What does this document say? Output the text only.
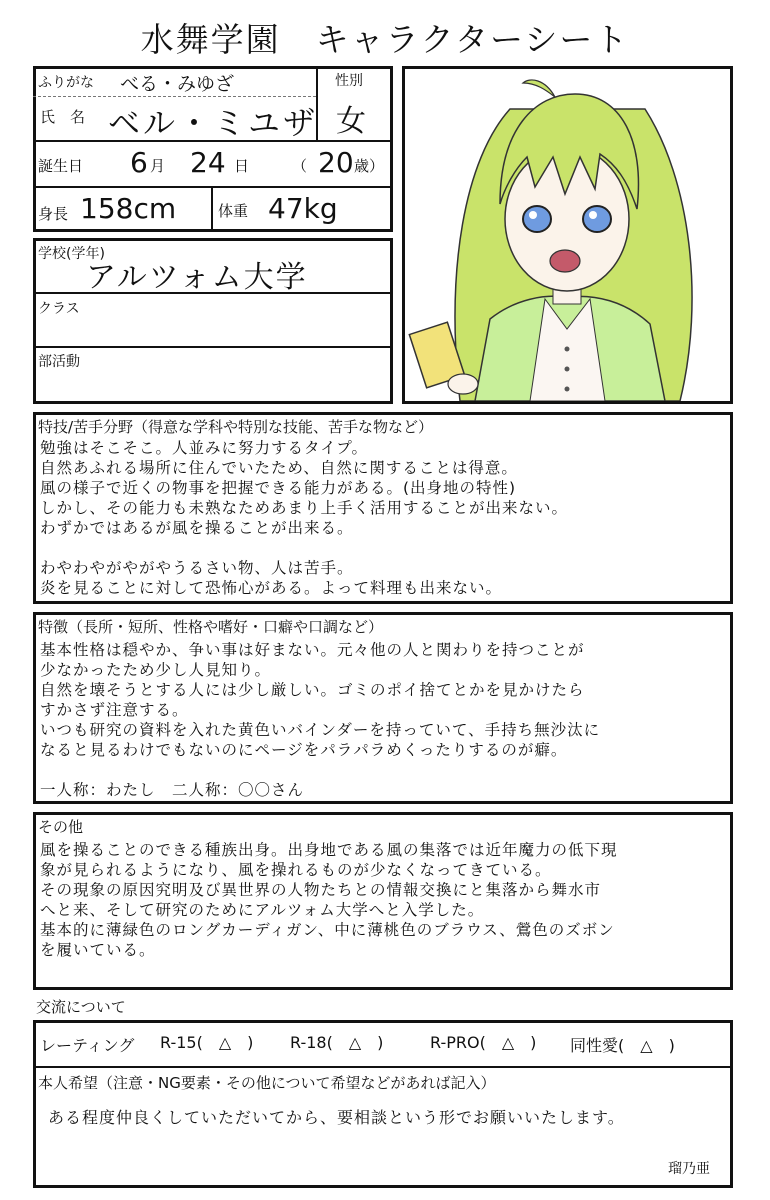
水舞学園　キャラクターシート
ふりがな べる・みゆざ
氏　名 ベル・ミユザ
性別
女
誕生日 6 月 24 日	（ 20 歳）
身長 158cm	体重 47kg
学校(学年)
アルツォム大学
クラス
部活動
特技/苦手分野（得意な学科や特別な技能、苦手な物など）
勉強はそこそこ。人並みに努力するタイプ。
自然あふれる場所に住んでいたため、自然に関することは得意。
風の様子で近くの物事を把握できる能力がある。(出身地の特性)
しかし、その能力も未熟なためあまり上手く活用することが出来ない。
わずかではあるが風を操ることが出来る。
わやわやがやがやうるさい物、人は苦手。
炎を見ることに対して恐怖心がある。よって料理も出来ない。
特徴（長所・短所、性格や嗜好・口癖や口調など）
基本性格は穏やか、争い事は好まない。元々他の人と関わりを持つことが
少なかったため少し人見知り。
自然を壊そうとする人には少し厳しい。ゴミのポイ捨てとかを見かけたら
すかさず注意する。
いつも研究の資料を入れた黄色いバインダーを持っていて、手持ち無沙汰に
なると見るわけでもないのにページをパラパラめくったりするのが癖。
一人称：わたし　二人称：〇〇さん
その他
風を操ることのできる種族出身。出身地である風の集落では近年魔力の低下現
象が見られるようになり、風を操れるものが少なくなってきている。
その現象の原因究明及び異世界の人物たちとの情報交換にと集落から舞水市
へと来、そして研究のためにアルツォム大学へと入学した。
基本的に薄緑色のロングカーディガン、中に薄桃色のブラウス、鶯色のズボン
を履いている。
交流について
レーティング R-15( △ ) R-18( △ )	R-PRO( △ ) 同性愛( △ )
本人希望（注意・NG要素・その他について希望などがあれば記入）
ある程度仲良くしていただいてから、要相談という形でお願いいたします。
瑠乃亜
